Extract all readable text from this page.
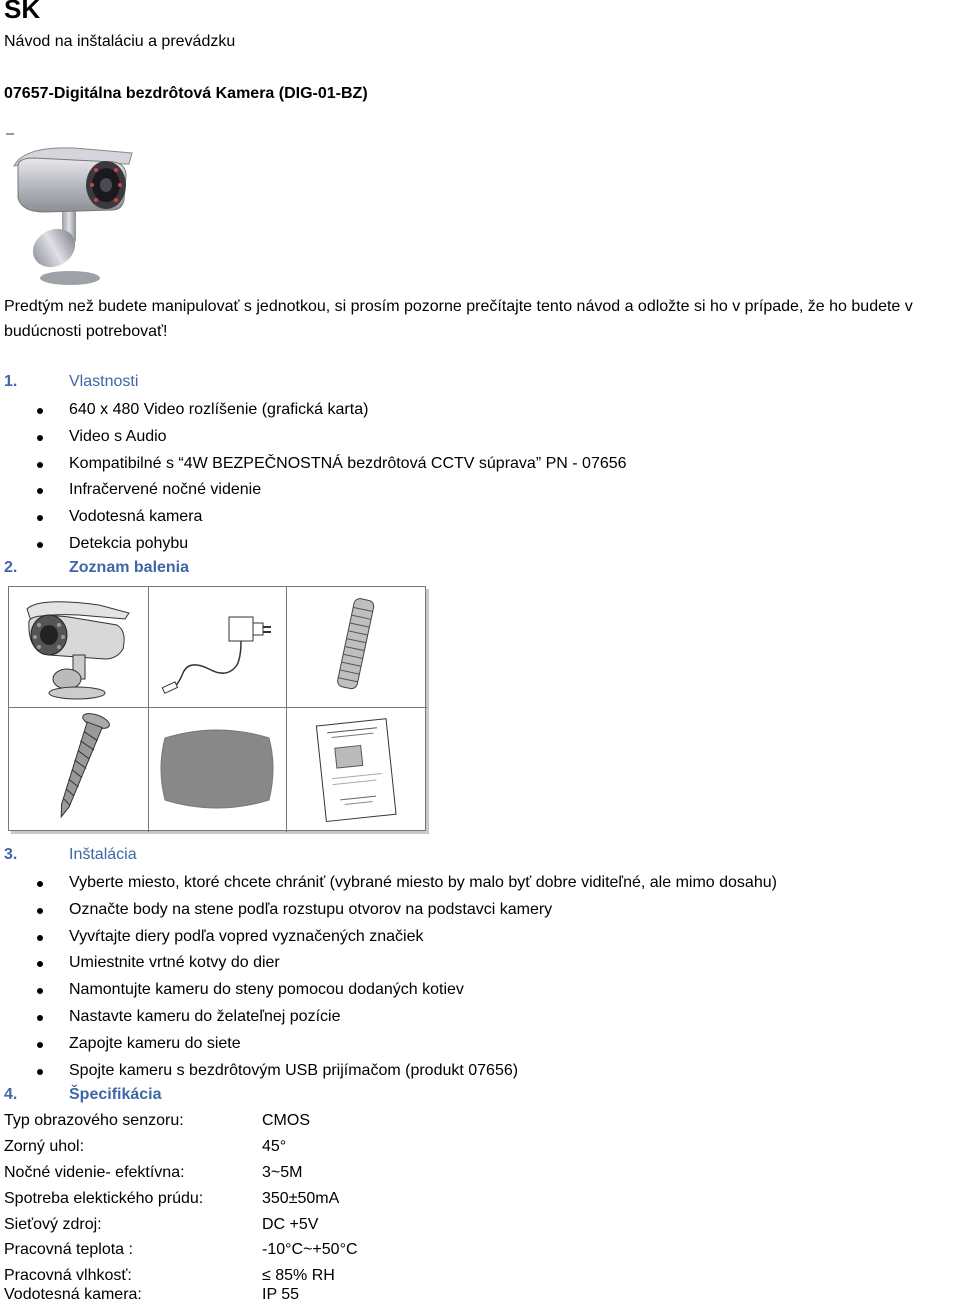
SK
Návod na inštaláciu a prevádzku
07657-Digitálna bezdrôtová Kamera (DIG-01-BZ)
Predtým než budete manipulovať s jednotkou, si prosím pozorne prečítajte tento návod a odložte si ho v prípade, že ho budete v budúcnosti potrebovať!
1.	Vlastnosti
640 x 480 Video rozlíšenie (grafická karta)
Video s Audio
Kompatibilné s “4W BEZPEČNOSTNÁ bezdrôtová CCTV súprava” PN - 07656
Infračervené nočné videnie
Vodotesná kamera
Detekcia pohybu
2.	Zoznam balenia
3.	Inštalácia
Vyberte miesto, ktoré chcete chrániť (vybrané miesto by malo byť dobre viditeľné, ale mimo dosahu)
Označte body na stene podľa rozstupu otvorov na podstavci kamery
Vyvŕtajte diery podľa vopred vyznačených značiek
Umiestnite vrtné kotvy do dier
Namontujte kameru do steny pomocou dodaných kotiev
Nastavte kameru do želateľnej pozície
Zapojte kameru do siete
Spojte kameru s bezdrôtovým USB prijímačom (produkt 07656)
4.	Špecifikácia
Typ obrazového senzoru:	CMOS
Zorný uhol:	45°
Nočné videnie- efektívna:	3~5M
Spotreba elektického prúdu:	350±50mA
Sieťový zdroj:	DC +5V
Pracovná teplota :	-10°C~+50°C
Pracovná vlhkosť:	≤ 85% RH
Vodotesná kamera:	IP 55
